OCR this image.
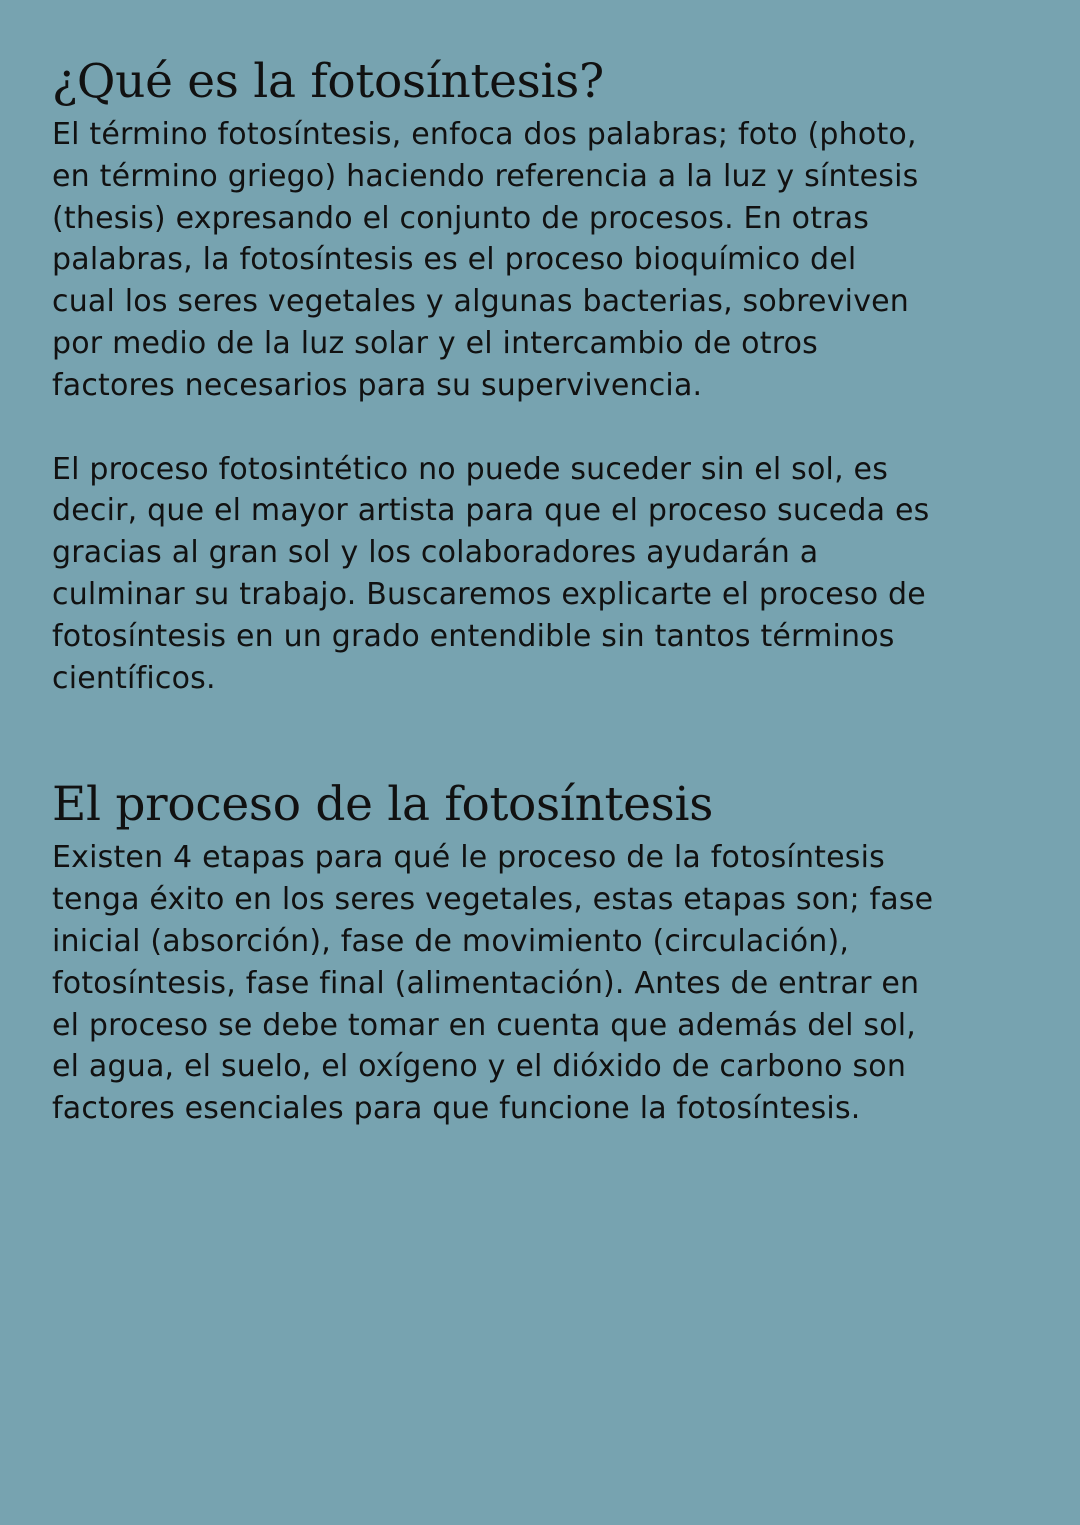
¿Qué es la fotosíntesis?

El término fotosíntesis, enfoca dos palabras; foto (photo,
en término griego) haciendo referencia a la luz y síntesis
(thesis) expresando el conjunto de procesos. En otras
palabras, la fotosíntesis es el proceso bioquímico del
cual los seres vegetales y algunas bacterias, sobreviven
por medio de la luz solar y el intercambio de otros
factores necesarios para su supervivencia.

El proceso fotosintético no puede suceder sin el sol, es
decir, que el mayor artista para que el proceso suceda es
gracias al gran sol y los colaboradores ayudarán a
culminar su trabajo. Buscaremos explicarte el proceso de
fotosíntesis en un grado entendible sin tantos términos
científicos.

El proceso de la fotosíntesis

Existen 4 etapas para qué le proceso de la fotosíntesis
tenga éxito en los seres vegetales, estas etapas son; fase
inicial (absorción), fase de movimiento (circulación),
fotosíntesis, fase final (alimentación). Antes de entrar en
el proceso se debe tomar en cuenta que además del sol,
el agua, el suelo, el oxígeno y el dióxido de carbono son
factores esenciales para que funcione la fotosíntesis.
